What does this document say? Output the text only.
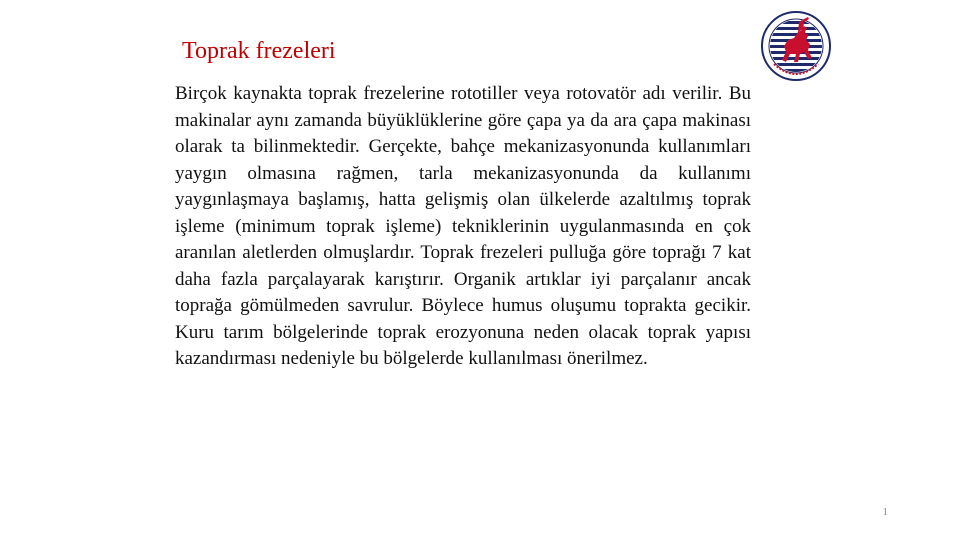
Toprak frezeleri
Birçok kaynakta toprak frezelerine rototiller veya rotovatör adı verilir. Bu makinalar aynı zamanda büyüklüklerine göre çapa ya da ara çapa makinası olarak ta bilinmektedir. Gerçekte, bahçe mekanizasyonunda kullanımları yaygın olmasına rağmen, tarla mekanizasyonunda da kullanımı yaygınlaşmaya başlamış, hatta gelişmiş olan ülkelerde azaltılmış toprak işleme (minimum toprak işleme) tekniklerinin uygulanmasında en çok aranılan aletlerden olmuşlardır. Toprak frezeleri pulluğa göre toprağı 7 kat daha fazla parçalayarak karıştırır. Organik artıklar iyi parçalanır ancak toprağa gömülmeden savrulur. Böylece humus oluşumu toprakta gecikir. Kuru tarım bölgelerinde toprak erozyonuna neden olacak toprak yapısı kazandırması nedeniyle bu bölgelerde kullanılması önerilmez.
1
